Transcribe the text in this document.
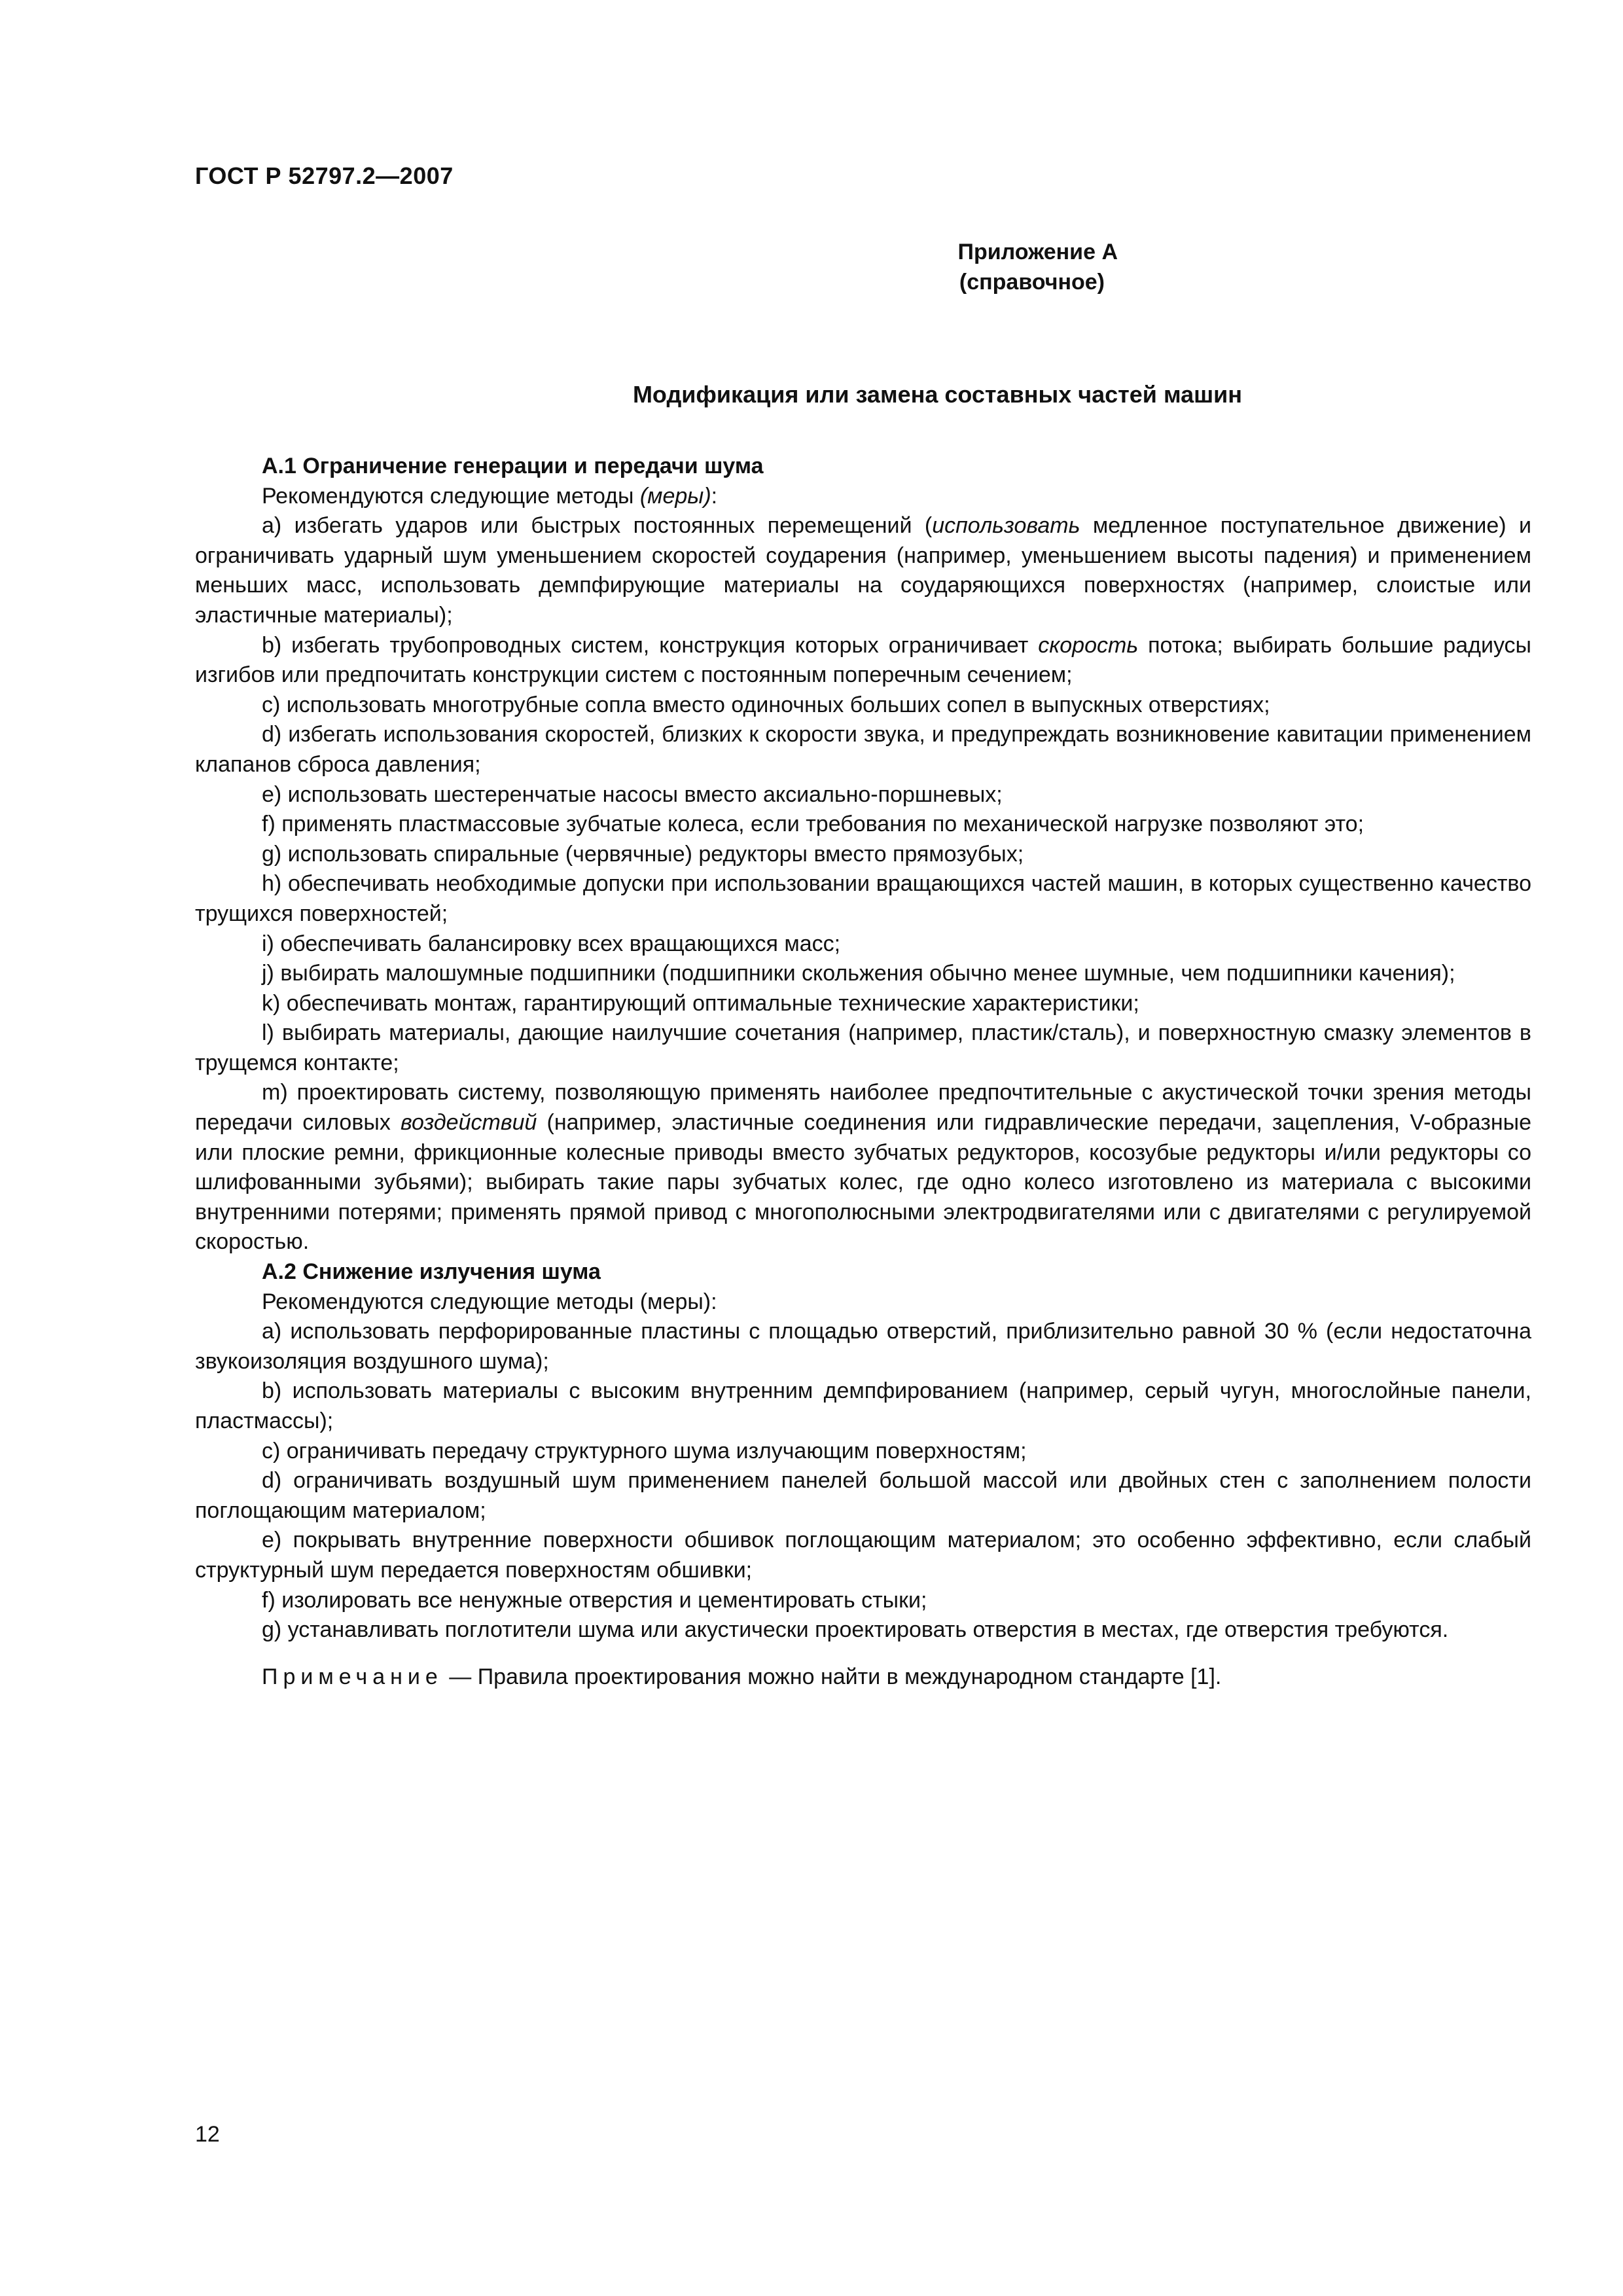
ГОСТ Р 52797.2—2007
Приложение А
(справочное)
Модификация или замена составных частей машин

А.1 Ограничение генерации и передачи шума

Рекомендуются следующие методы (меры):

а) избегать ударов или быстрых постоянных перемещений (использовать медленное поступательное движение) и ограничивать ударный шум уменьшением скоростей соударения (например, уменьшением высоты падения) и применением меньших масс, использовать демпфирующие материалы на соударяющихся поверхностях (например, слоистые или эластичные материалы);

b) избегать трубопроводных систем, конструкция которых ограничивает скорость потока; выбирать большие радиусы изгибов или предпочитать конструкции систем с постоянным поперечным сечением;

с) использовать многотрубные сопла вместо одиночных больших сопел в выпускных отверстиях;

d) избегать использования скоростей, близких к скорости звука, и предупреждать возникновение кавитации применением клапанов сброса давления;

е) использовать шестеренчатые насосы вместо аксиально-поршневых;

f) применять пластмассовые зубчатые колеса, если требования по механической нагрузке позволяют это;

g) использовать спиральные (червячные) редукторы вместо прямозубых;

h) обеспечивать необходимые допуски при использовании вращающихся частей машин, в которых существенно качество трущихся поверхностей;

i) обеспечивать балансировку всех вращающихся масс;

j) выбирать малошумные подшипники (подшипники скольжения обычно менее шумные, чем подшипники качения);

k) обеспечивать монтаж, гарантирующий оптимальные технические характеристики;

l) выбирать материалы, дающие наилучшие сочетания (например, пластик/сталь), и поверхностную смазку элементов в трущемся контакте;

m) проектировать систему, позволяющую применять наиболее предпочтительные с акустической точки зрения методы передачи силовых воздействий (например, эластичные соединения или гидравлические передачи, зацепления, V-образные или плоские ремни, фрикционные колесные приводы вместо зубчатых редукторов, косозубые редукторы и/или редукторы со шлифованными зубьями); выбирать такие пары зубчатых колес, где одно колесо изготовлено из материала с высокими внутренними потерями; применять прямой привод с многополюсными электродвигателями или с двигателями с регулируемой скоростью.

А.2 Снижение излучения шума

Рекомендуются следующие методы (меры):

а) использовать перфорированные пластины с площадью отверстий, приблизительно равной 30 % (если недостаточна звукоизоляция воздушного шума);

b) использовать материалы с высоким внутренним демпфированием (например, серый чугун, многослойные панели, пластмассы);

с) ограничивать передачу структурного шума излучающим поверхностям;

d) ограничивать воздушный шум применением панелей большой массой или двойных стен с заполнением полости поглощающим материалом;

е) покрывать внутренние поверхности обшивок поглощающим материалом; это особенно эффективно, если слабый структурный шум передается поверхностям обшивки;

f) изолировать все ненужные отверстия и цементировать стыки;

g) устанавливать поглотители шума или акустически проектировать отверстия в местах, где отверстия требуются.

Примечание — Правила проектирования можно найти в международном стандарте [1].

12
